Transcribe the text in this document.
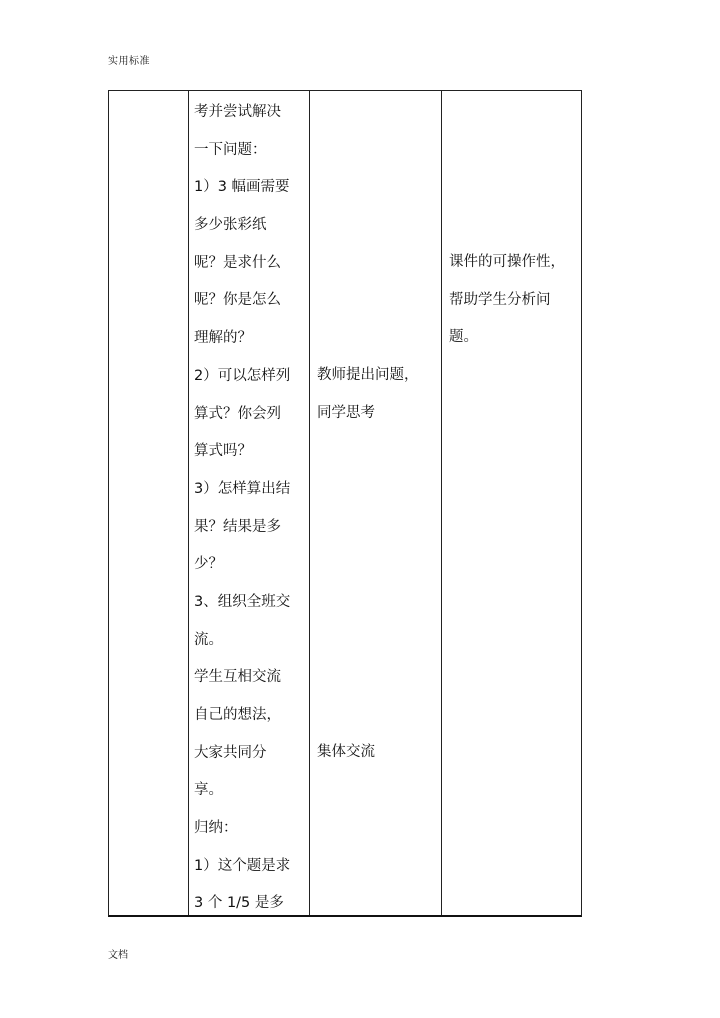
实用标准
考并尝试解决
一下问题：
1）3 幅画需要
多少张彩纸
呢？是求什么
呢？你是怎么
理解的？
2）可以怎样列
算式？你会列
算式吗？
3）怎样算出结
果？结果是多
少？
3、组织全班交
流。
学生互相交流
自己的想法，
大家共同分
享。
归纳：
1）这个题是求
3 个 1/5 是多
教师提出问题，
同学思考
集体交流
课件的可操作性，
帮助学生分析问
题。
文档
